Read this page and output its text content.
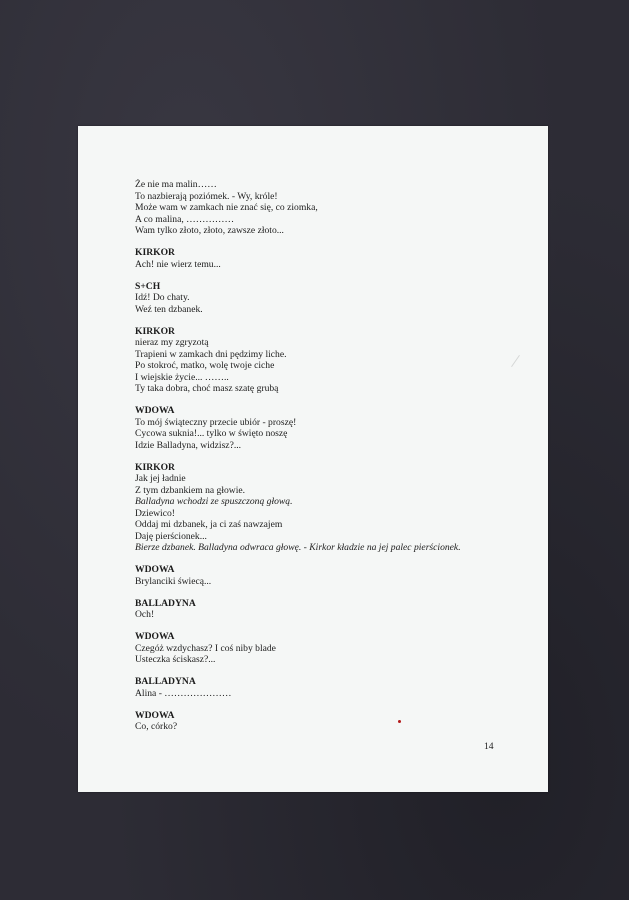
Że nie ma malin……
To nazbierają poziómek. - Wy, króle!
Może wam w zamkach nie znać się, co ziomka,
A co malina, ……………
Wam tylko złoto, złoto, zawsze złoto...
KIRKOR
Ach! nie wierz temu...
S+CH
Idź! Do chaty.
Weź ten dzbanek.
KIRKOR
nieraz my zgryzotą
Trapieni w zamkach dni pędzimy liche.
Po stokroć, matko, wolę twoje ciche
I wiejskie życie... ……..
Ty taka dobra, choć masz szatę grubą
WDOWA
To mój świąteczny przecie ubiór - proszę!
Cycowa suknia!... tylko w święto noszę
Idzie Balladyna, widzisz?...
KIRKOR
Jak jej ładnie
Z tym dzbankiem na głowie.
Balladyna wchodzi ze spuszczoną głową.
Dziewico!
Oddaj mi dzbanek, ja ci zaś nawzajem
Daję pierścionek...
Bierze dzbanek. Balladyna odwraca głowę. - Kirkor kładzie na jej palec pierścionek.
WDOWA
Brylanciki świecą...
BALLADYNA
Och!
WDOWA
Czegóż wzdychasz? I coś niby blade
Usteczka ściskasz?...
BALLADYNA
Alina - …………………
WDOWA
Co, córko?
14
